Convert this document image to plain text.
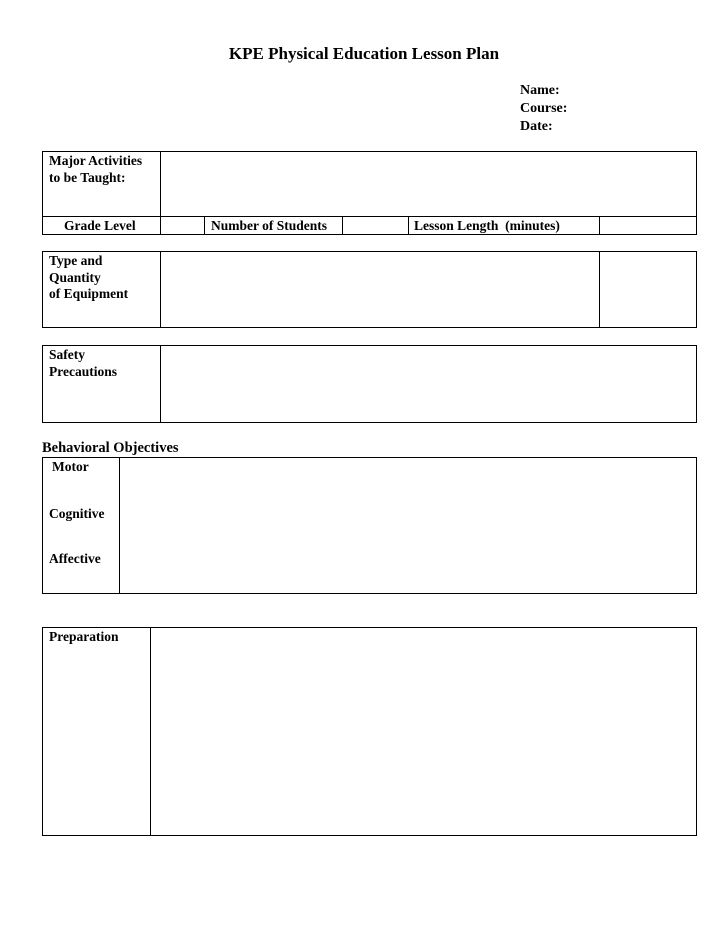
KPE Physical Education Lesson Plan
Name:
Course:
Date:
Major Activities
to be Taught:
Grade Level	Number of Students	Lesson Length  (minutes)
Type and
Quantity
of Equipment
Safety
Precautions
Behavioral Objectives
Motor
Cognitive
Affective
Preparation
